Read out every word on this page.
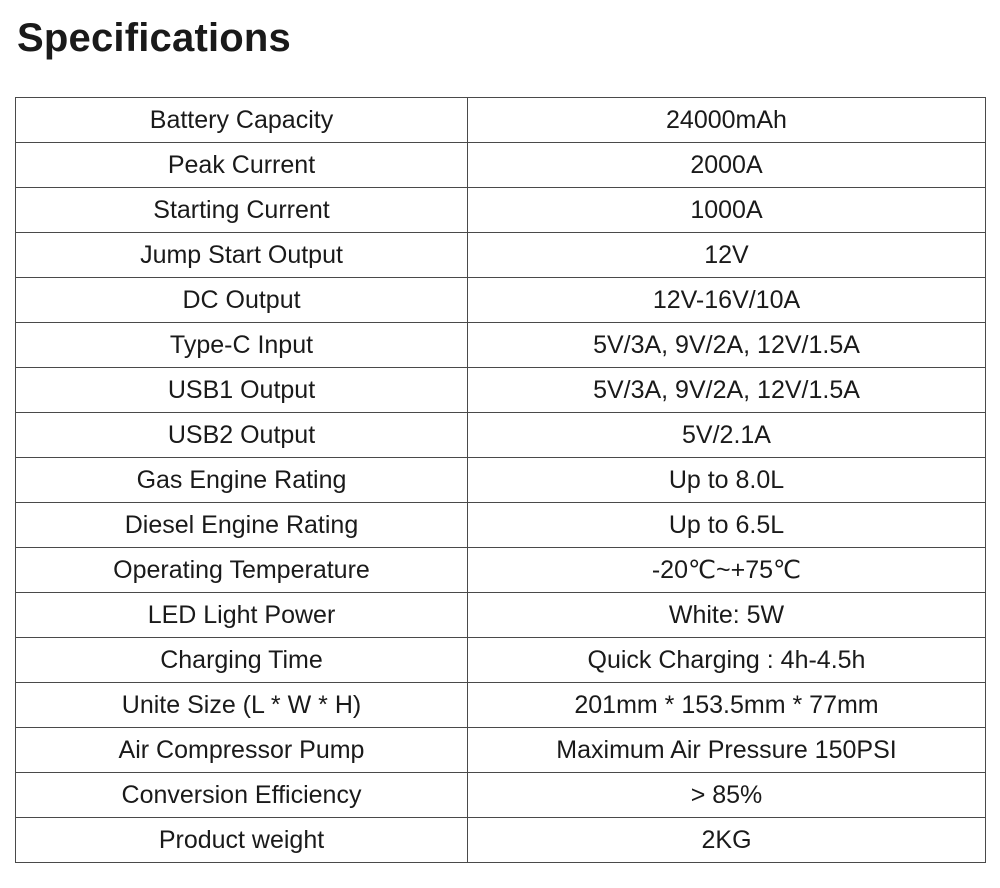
Specifications
Battery Capacity	24000mAh
Peak Current	2000A
Starting Current	1000A
Jump Start Output	12V
DC Output	12V-16V/10A
Type-C Input	5V/3A, 9V/2A, 12V/1.5A
USB1 Output	5V/3A, 9V/2A, 12V/1.5A
USB2 Output	5V/2.1A
Gas Engine Rating	Up to 8.0L
Diesel Engine Rating	Up to 6.5L
Operating Temperature	-20℃~+75℃
LED Light Power	White: 5W
Charging Time	Quick Charging : 4h-4.5h
Unite Size (L * W * H)	201mm * 153.5mm * 77mm
Air Compressor Pump	Maximum Air Pressure 150PSI
Conversion Efficiency	> 85%
Product weight	2KG
